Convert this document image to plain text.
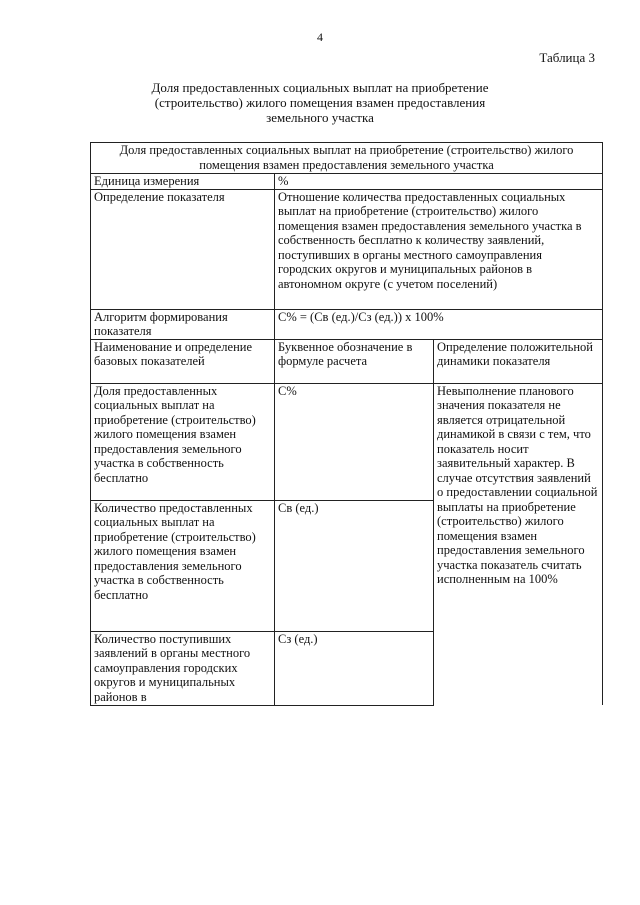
4
Таблица 3
Доля предоставленных социальных выплат на приобретение
(строительство) жилого помещения взамен предоставления
земельного участка
Доля предоставленных социальных выплат на приобретение (строительство) жилого помещения взамен предоставления земельного участка		
Единица измерения	%	
Определение показателя	Отношение количества предоставленных социальных выплат на приобретение (строительство) жилого помещения взамен предоставления земельного участка в собственность бесплатно к количеству заявлений, поступивших в органы местного самоуправления городских округов и муниципальных районов в автономном округе (с учетом поселений)	
Алгоритм формирования показателя	С% = (Св (ед.)/Сз (ед.)) x 100%	
Наименование и определение базовых показателей	Буквенное обозначение в формуле расчета	Определение положительной динамики показателя
Доля предоставленных социальных выплат на приобретение (строительство) жилого помещения взамен предоставления земельного участка в собственность бесплатно	С%	Невыполнение планового значения показателя не является отрицательной динамикой в связи с тем, что показатель носит заявительный характер. В случае отсутствия заявлений о предоставлении социальной выплаты на приобретение (строительство) жилого помещения взамен предоставления земельного участка показатель считать исполненным на 100%
Количество предоставленных социальных выплат на приобретение (строительство) жилого помещения взамен предоставления земельного участка в собственность бесплатно	Св (ед.)	
Количество поступивших заявлений в органы местного самоуправления городских округов и муниципальных районов в	Сз (ед.)	
